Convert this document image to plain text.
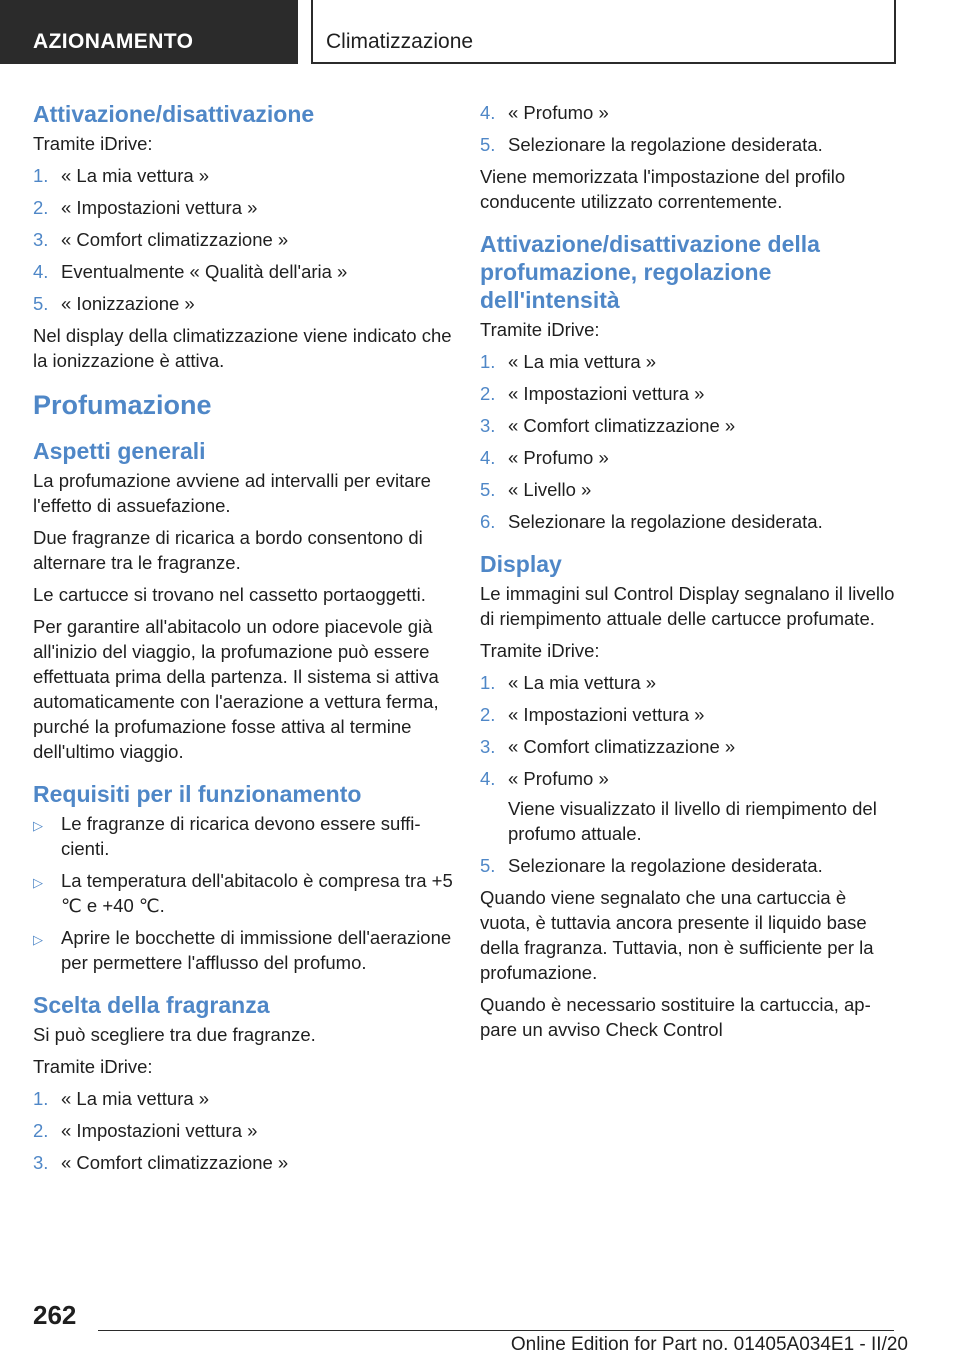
AZIONAMENTO	Climatizzazione
Attivazione/disattivazione

Tramite iDrive:

1. « La mia vettura »
2. « Impostazioni vettura »
3. « Comfort climatizzazione »
4. Eventualmente « Qualità dell'aria »
5. « Ionizzazione »

Nel display della climatizzazione viene indicato che la ionizzazione è attiva.

Profumazione
Aspetti generali

La profumazione avviene ad intervalli per evitare l'effetto di assuefazione.

Due fragranze di ricarica a bordo consentono di alternare tra le fragranze.

Le cartucce si trovano nel cassetto portaoggetti.

Per garantire all'abitacolo un odore piacevole già all'inizio del viaggio, la profumazione può essere effettuata prima della partenza. Il sistema si attiva automaticamente con l'aerazione a vettura ferma, purché la profumazione fosse attiva al termine dell'ultimo viaggio.

Requisiti per il funzionamento
▷ Le fragranze di ricarica devono essere sufficienti.
▷ La temperatura dell'abitacolo è compresa tra +5 ℃ e +40 ℃.
▷ Aprire le bocchette di immissione dell'aerazione per permettere l'afflusso del profumo.
Scelta della fragranza

Si può scegliere tra due fragranze.

Tramite iDrive:

1. « La mia vettura »
2. « Impostazioni vettura »
3. « Comfort climatizzazione »
4. « Profumo »
5. Selezionare la regolazione desiderata.

Viene memorizzata l'impostazione del profilo conducente utilizzato correntemente.

Attivazione/disattivazione della profumazione, regolazione dell'intensità

Tramite iDrive:

1. « La mia vettura »
2. « Impostazioni vettura »
3. « Comfort climatizzazione »
4. « Profumo »
5. « Livello »
6. Selezionare la regolazione desiderata.
Display

Le immagini sul Control Display segnalano il livello di riempimento attuale delle cartucce profumate.

Tramite iDrive:

1. « La mia vettura »
2. « Impostazioni vettura »
3. « Comfort climatizzazione »
4. « Profumo »
Viene visualizzato il livello di riempimento del profumo attuale.
5. Selezionare la regolazione desiderata.

Quando viene segnalato che una cartuccia è vuota, è tuttavia ancora presente il liquido base della fragranza. Tuttavia, non è sufficiente per la profumazione.

Quando è necessario sostituire la cartuccia, appare un avviso Check Control

262
Online Edition for Part no. 01405A034E1 - II/20
